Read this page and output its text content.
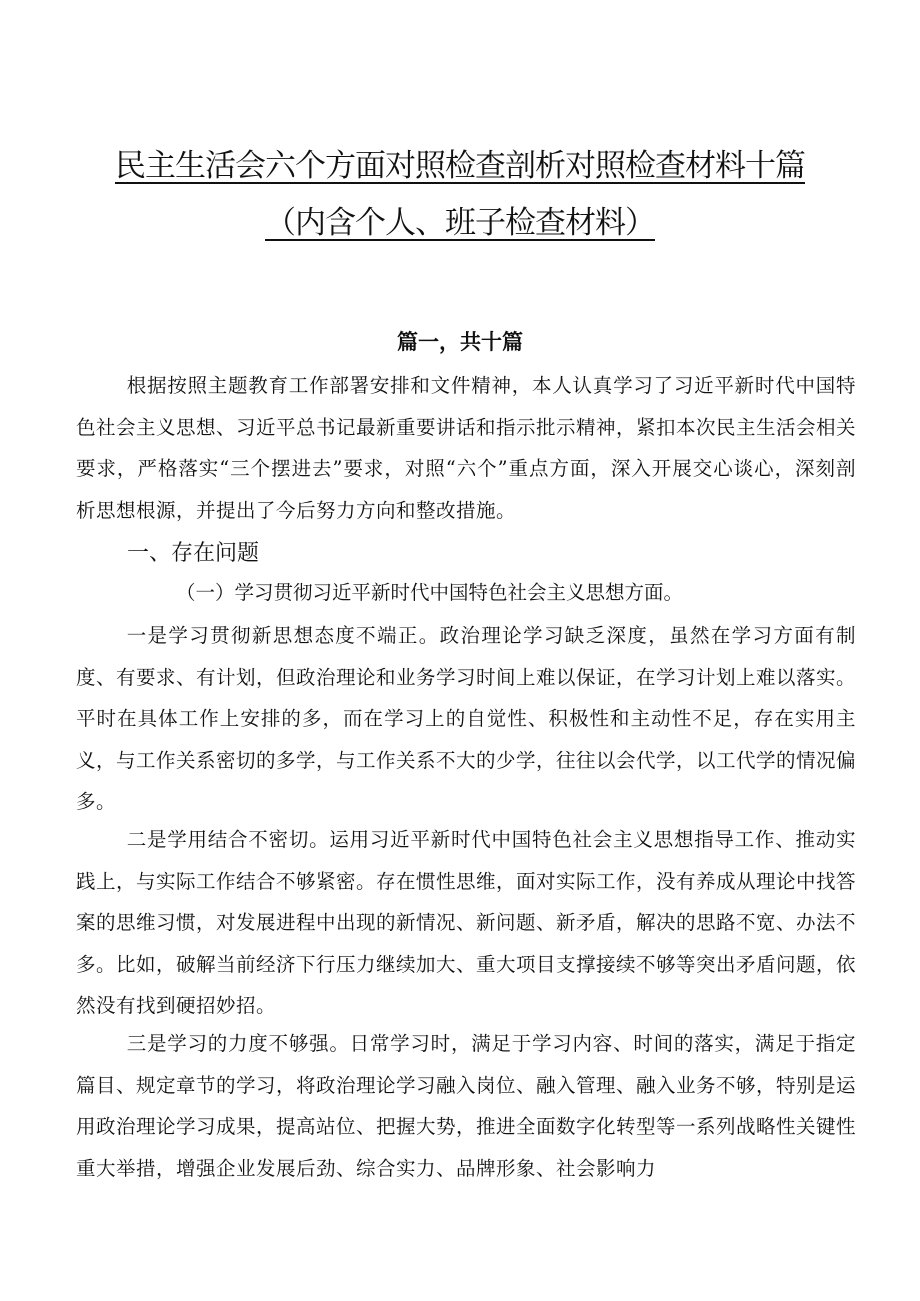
民主生活会六个方面对照检查剖析对照检查材料十篇
（内含个人、班子检查材料）
篇一，共十篇
根据按照主题教育工作部署安排和文件精神，本人认真学习了习近平新时代中国特色社会主义思想、习近平总书记最新重要讲话和指示批示精神，紧扣本次民主生活会相关要求，严格落实“三个摆进去”要求，对照“六个”重点方面，深入开展交心谈心，深刻剖析思想根源，并提出了今后努力方向和整改措施。
一、存在问题
（一）学习贯彻习近平新时代中国特色社会主义思想方面。
一是学习贯彻新思想态度不端正。政治理论学习缺乏深度，虽然在学习方面有制度、有要求、有计划，但政治理论和业务学习时间上难以保证，在学习计划上难以落实。平时在具体工作上安排的多，而在学习上的自觉性、积极性和主动性不足，存在实用主义，与工作关系密切的多学，与工作关系不大的少学，往往以会代学，以工代学的情况偏多。
二是学用结合不密切。运用习近平新时代中国特色社会主义思想指导工作、推动实践上，与实际工作结合不够紧密。存在惯性思维，面对实际工作，没有养成从理论中找答案的思维习惯，对发展进程中出现的新情况、新问题、新矛盾，解决的思路不宽、办法不多。比如，破解当前经济下行压力继续加大、重大项目支撑接续不够等突出矛盾问题，依然没有找到硬招妙招。
三是学习的力度不够强。日常学习时，满足于学习内容、时间的落实，满足于指定篇目、规定章节的学习，将政治理论学习融入岗位、融入管理、融入业务不够，特别是运用政治理论学习成果，提高站位、把握大势，推进全面数字化转型等一系列战略性关键性重大举措，增强企业发展后劲、综合实力、品牌形象、社会影响力
